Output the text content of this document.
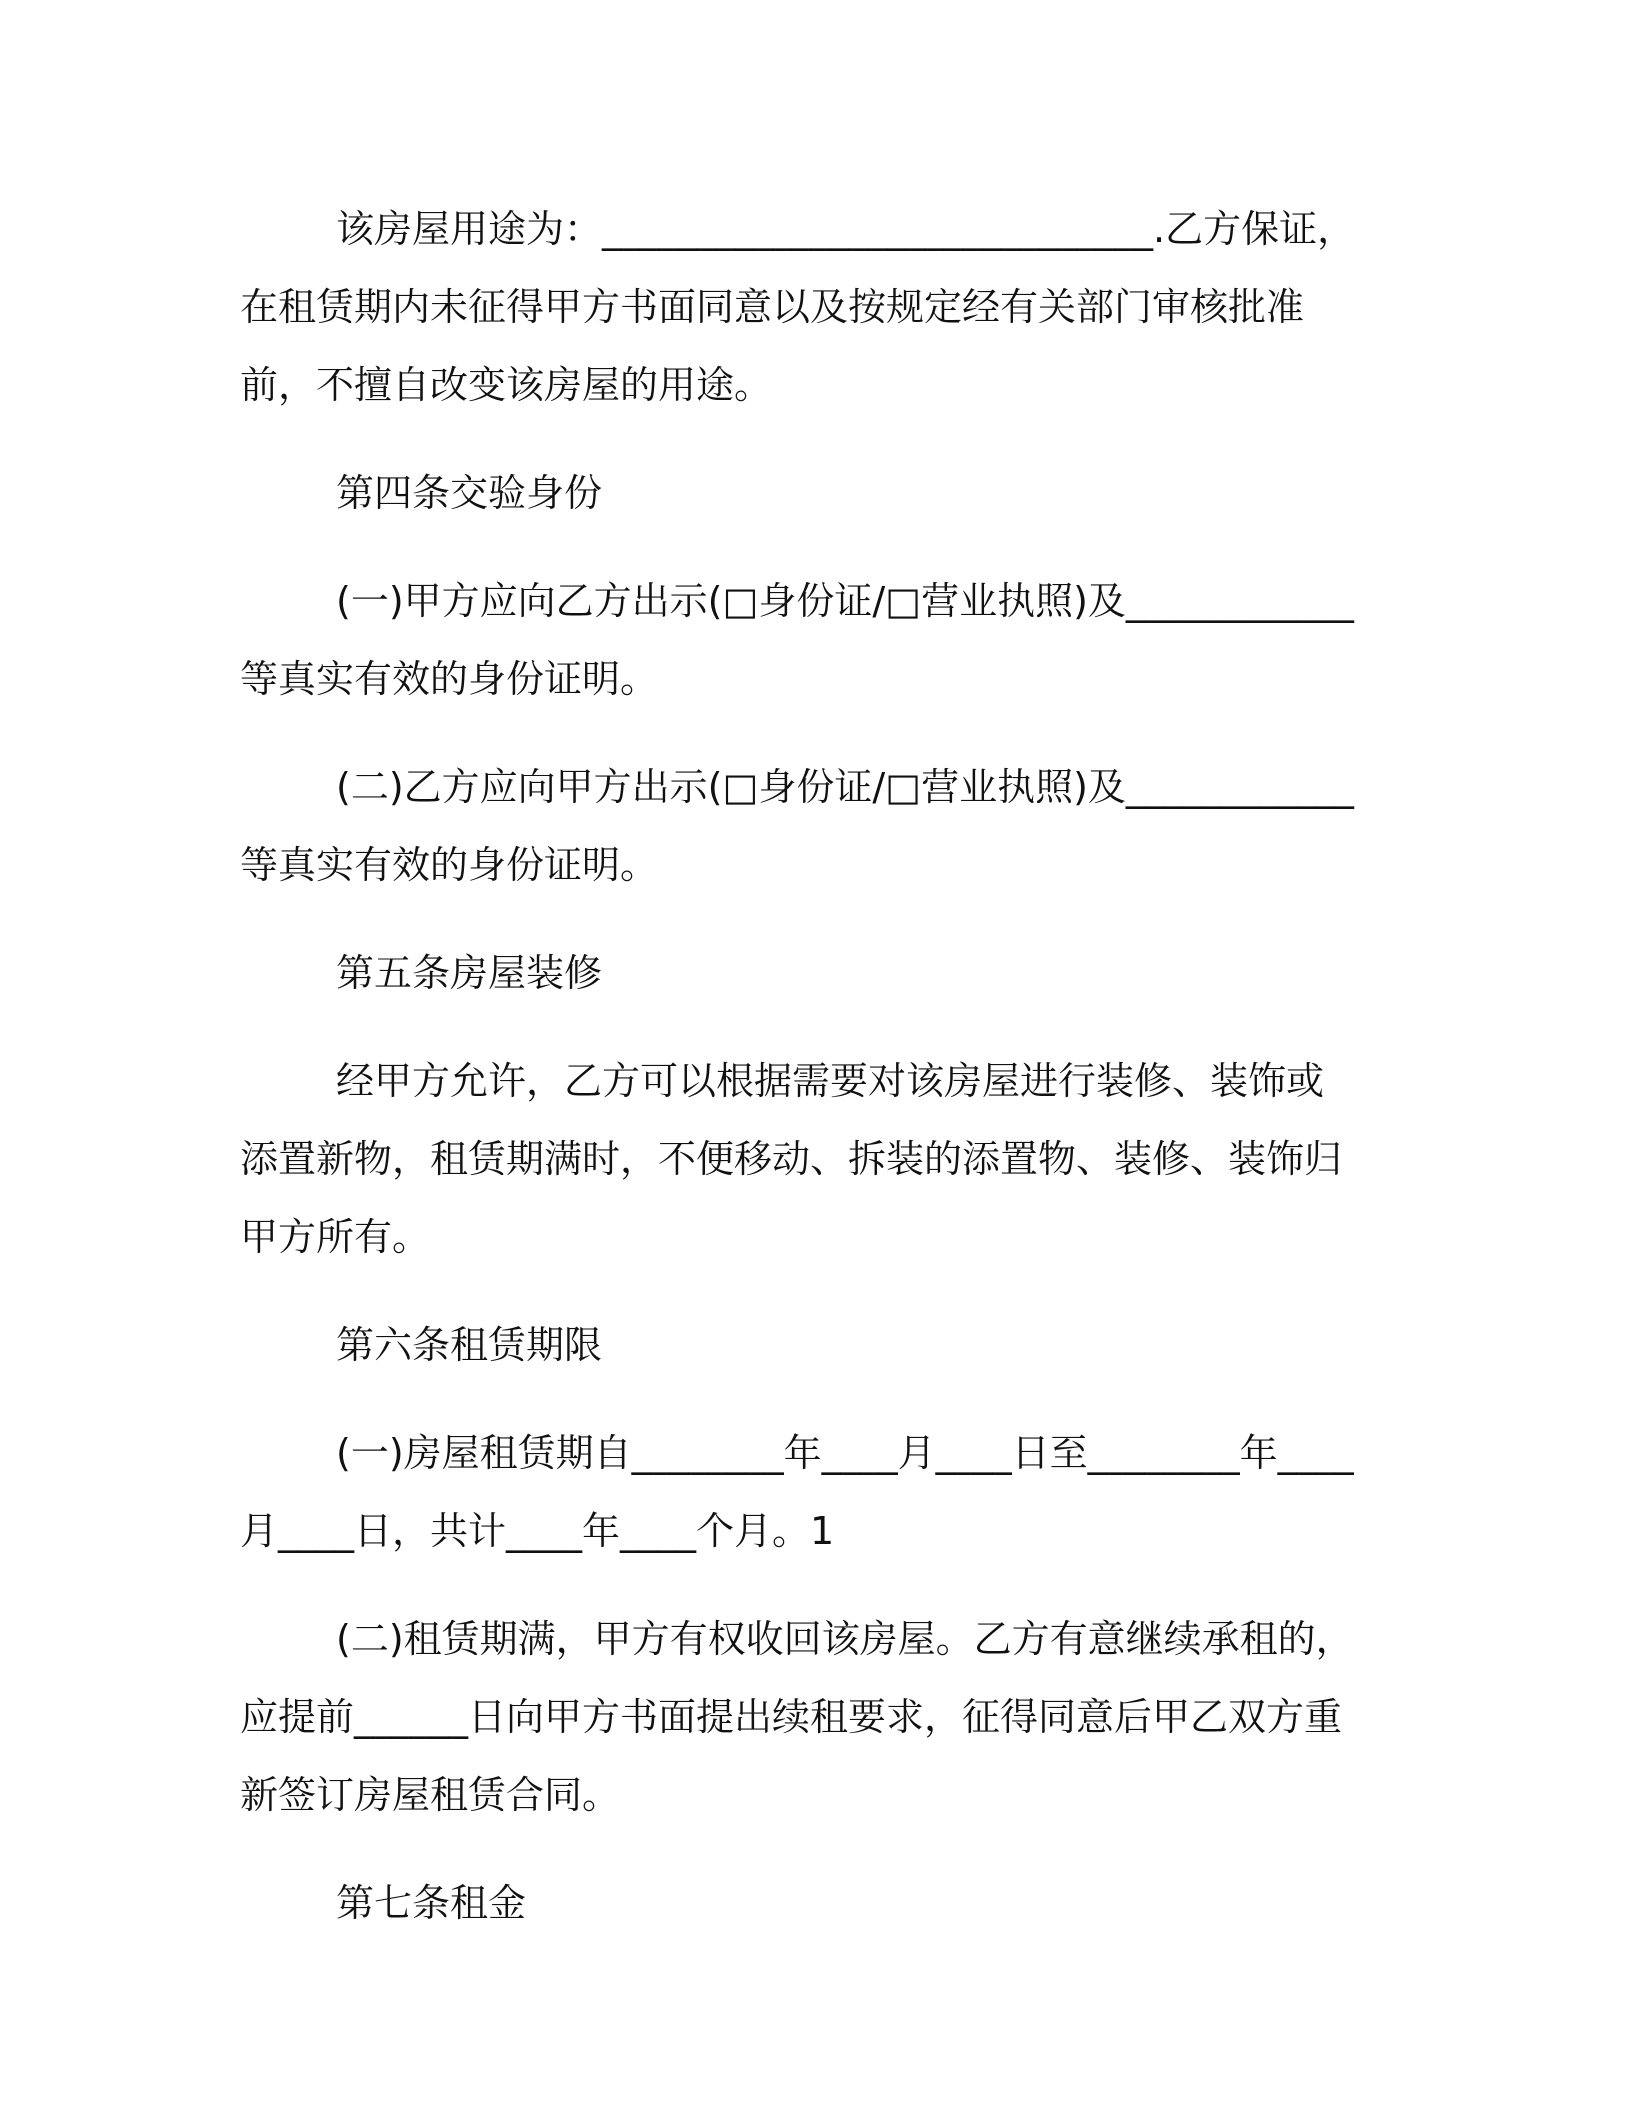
该房屋用途为：_____________________________.乙方保证，在租赁期内未征得甲方书面同意以及按规定经有关部门审核批准前，不擅自改变该房屋的用途。

第四条交验身份

(一)甲方应向乙方出示(□身份证/□营业执照)及____________等真实有效的身份证明。

(二)乙方应向甲方出示(□身份证/□营业执照)及____________等真实有效的身份证明。

第五条房屋装修

经甲方允许，乙方可以根据需要对该房屋进行装修、装饰或添置新物，租赁期满时，不便移动、拆装的添置物、装修、装饰归甲方所有。

第六条租赁期限

(一)房屋租赁期自________年____月____日至________年____月____日，共计____年____个月。1

(二)租赁期满，甲方有权收回该房屋。乙方有意继续承租的，应提前______日向甲方书面提出续租要求，征得同意后甲乙双方重新签订房屋租赁合同。

第七条租金
